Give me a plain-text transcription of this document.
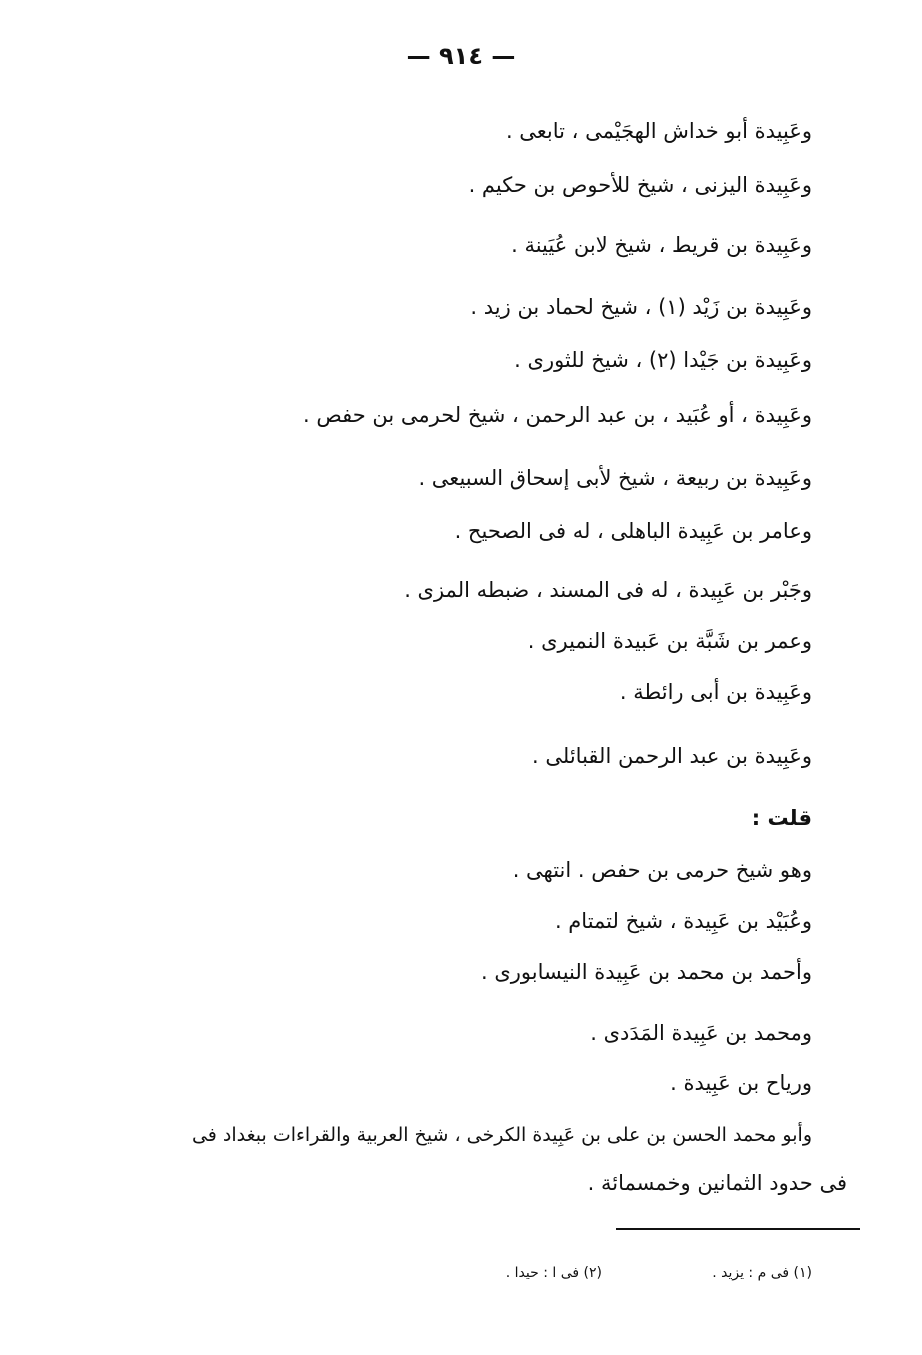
— ٩١٤ —
وعَبِيدة أبو خداش الهجَيْمى ، تابعى .
وعَبِيدة اليزنى ، شيخ للأحوص بن حكيم .
وعَبِيدة بن قريط ، شيخ لابن عُيَينة .
وعَبِيدة بن زَيْد (١) ، شيخ لحماد بن زيد .
وعَبِيدة بن جَيْدا (٢) ، شيخ للثورى .
وعَبِيدة ، أو عُبَيد ، بن عبد الرحمن ، شيخ لحرمى بن حفص .
وعَبِيدة بن ربيعة ، شيخ لأبى إسحاق السبيعى .
وعامر بن عَبِيدة الباهلى ، له فى الصحيح .
وجَبْر بن عَبِيدة ، له فى المسند ، ضبطه المزى .
وعمر بن شَبَّة بن عَبيدة النميرى .
وعَبِيدة بن أبى رائطة .
وعَبِيدة بن عبد الرحمن القبائلى .
قلت :
وهو شيخ حرمى بن حفص . انتهى .
وعُبَيْد بن عَبِيدة ، شيخ لتمتام .
وأحمد بن محمد بن عَبِيدة النيسابورى .
ومحمد بن عَبِيدة المَدَدى .
ورياح بن عَبِيدة .
وأبو محمد الحسن بن على بن عَبِيدة الكرخى ، شيخ العربية والقراءات ببغداد فى
فى حدود الثمانين وخمسمائة .
(١) فى م : يزيد .
(٢) فى ا : حيدا .
